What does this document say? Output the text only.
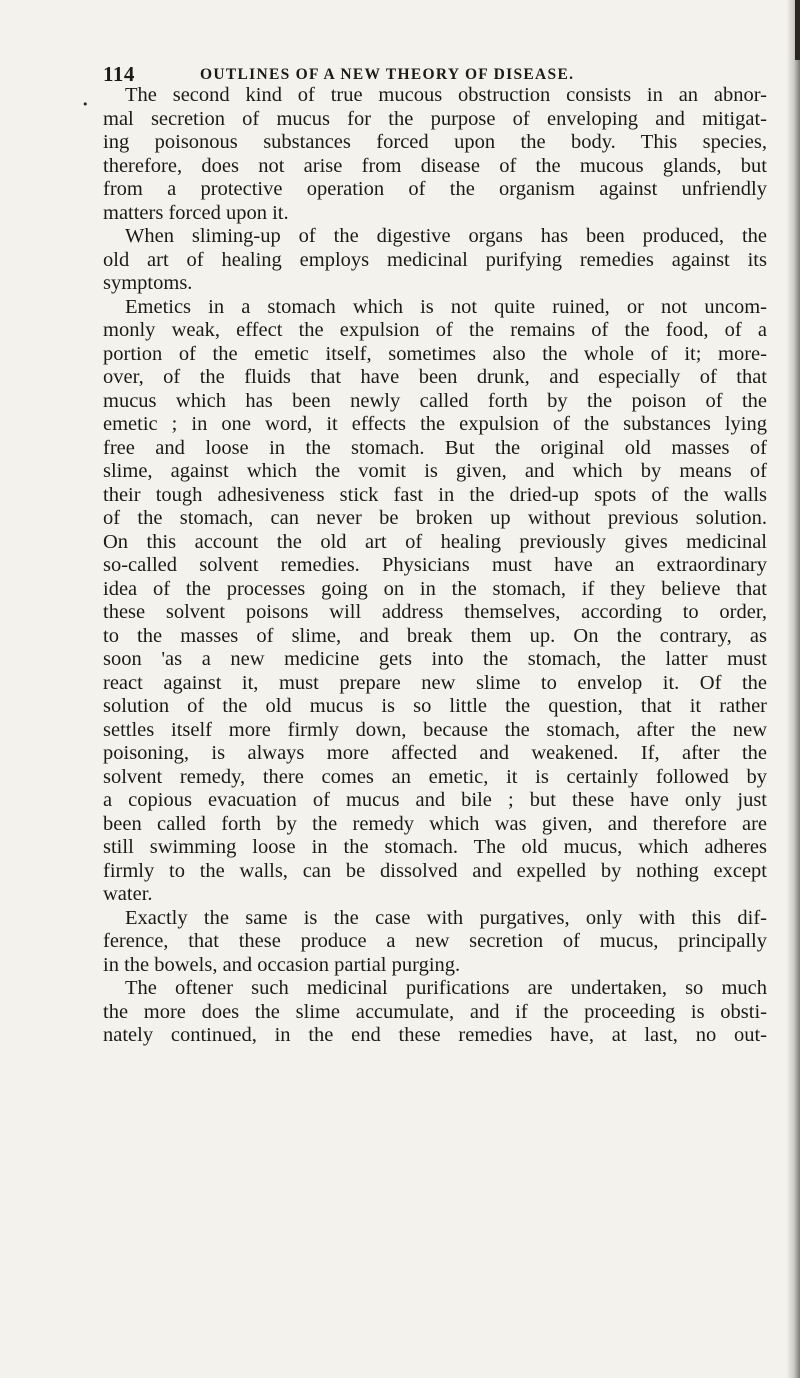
114	OUTLINES OF A NEW THEORY OF DISEASE.
•	The second kind of true mucous obstruction consists in an abnor-
mal secretion of mucus for the purpose of enveloping and mitigat-
ing poisonous substances forced upon the body. This species,
therefore, does not arise from disease of the mucous glands, but
from a protective operation of the organism against unfriendly
matters forced upon it.
When sliming-up of the digestive organs has been produced, the
old art of healing employs medicinal purifying remedies against its
symptoms.
Emetics in a stomach which is not quite ruined, or not uncom-
monly weak, effect the expulsion of the remains of the food, of a
portion of the emetic itself, sometimes also the whole of it; more-
over, of the fluids that have been drunk, and especially of that
mucus which has been newly called forth by the poison of the
emetic ; in one word, it effects the expulsion of the substances lying
free and loose in the stomach. But the original old masses of
slime, against which the vomit is given, and which by means of
their tough adhesiveness stick fast in the dried-up spots of the walls
of the stomach, can never be broken up without previous solution.
On this account the old art of healing previously gives medicinal
so-called solvent remedies. Physicians must have an extraordinary
idea of the processes going on in the stomach, if they believe that
these solvent poisons will address themselves, according to order,
to the masses of slime, and break them up. On the contrary, as
soon 'as a new medicine gets into the stomach, the latter must
react against it, must prepare new slime to envelop it. Of the
solution of the old mucus is so little the question, that it rather
settles itself more firmly down, because the stomach, after the new
poisoning, is always more affected and weakened. If, after the
solvent remedy, there comes an emetic, it is certainly followed by
a copious evacuation of mucus and bile ; but these have only just
been called forth by the remedy which was given, and therefore are
still swimming loose in the stomach. The old mucus, which adheres
firmly to the walls, can be dissolved and expelled by nothing except
water.
Exactly the same is the case with purgatives, only with this dif-
ference, that these produce a new secretion of mucus, principally
in the bowels, and occasion partial purging.
The oftener such medicinal purifications are undertaken, so much
the more does the slime accumulate, and if the proceeding is obsti-
nately continued, in the end these remedies have, at last, no out-
